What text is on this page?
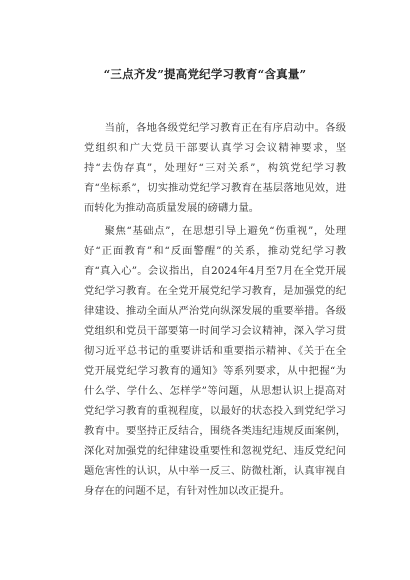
“三点齐发”提高党纪学习教育“含真量”

当前，各地各级党纪学习教育正在有序启动中。各级党组织和广大党员干部要认真学习会议精神要求，坚持“去伪存真”，处理好“三对关系”，构筑党纪学习教育“坐标系”，切实推动党纪学习教育在基层落地见效，进而转化为推动高质量发展的磅礴力量。

聚焦“基础点”，在思想引导上避免“伤重视”，处理好“正面教育”和“反面警醒”的关系，推动党纪学习教育“真入心”。会议指出，自2024年4月至7月在全党开展党纪学习教育。在全党开展党纪学习教育，是加强党的纪律建设、推动全面从严治党向纵深发展的重要举措。各级党组织和党员干部要第一时间学习会议精神，深入学习贯彻习近平总书记的重要讲话和重要指示精神、《关于在全党开展党纪学习教育的通知》等系列要求，从中把握“为什么学、学什么、怎样学”等问题，从思想认识上提高对党纪学习教育的重视程度，以最好的状态投入到党纪学习教育中。要坚持正反结合，围绕各类违纪违规反面案例，深化对加强党的纪律建设重要性和忽视党纪、违反党纪问题危害性的认识，从中举一反三、防微杜渐，认真审视自身存在的问题不足，有针对性加以改正提升。
